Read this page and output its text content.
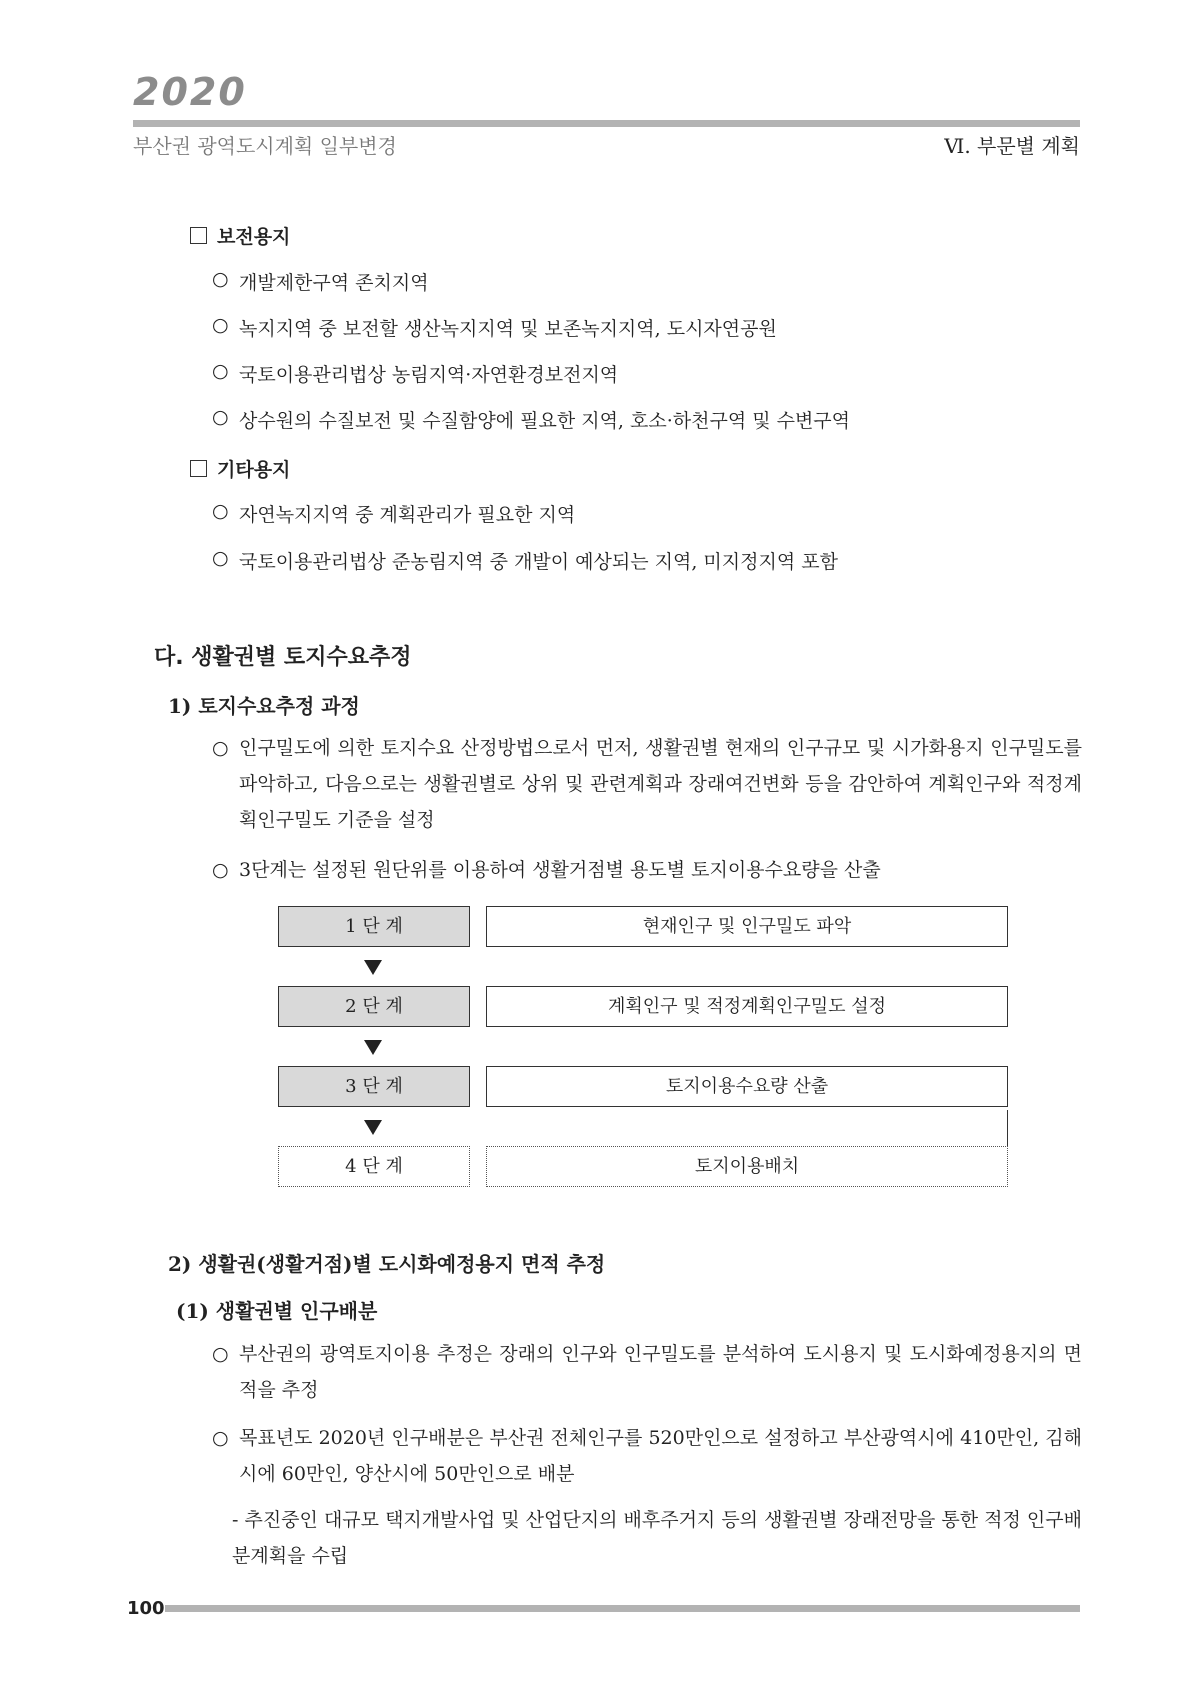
2020
부산권 광역도시계획 일부변경	Ⅵ. 부문별 계획
보전용지
개발제한구역 존치지역
녹지지역 중 보전할 생산녹지지역 및 보존녹지지역, 도시자연공원
국토이용관리법상 농림지역·자연환경보전지역
상수원의 수질보전 및 수질함양에 필요한 지역, 호소·하천구역 및 수변구역
기타용지
자연녹지지역 중 계획관리가 필요한 지역
국토이용관리법상 준농림지역 중 개발이 예상되는 지역, 미지정지역 포함
다. 생활권별 토지수요추정
1) 토지수요추정 과정
○ 인구밀도에 의한 토지수요 산정방법으로서 먼저, 생활권별 현재의 인구규모 및 시가화용지 인구밀도를 파악하고, 다음으로는 생활권별로 상위 및 관련계획과 장래여건변화 등을 감안하여 계획인구와 적정계획인구밀도 기준을 설정
○ 3단계는 설정된 원단위를 이용하여 생활거점별 용도별 토지이용수요량을 산출
1 단 계	현재인구 및 인구밀도 파악
2 단 계	계획인구 및 적정계획인구밀도 설정
3 단 계	토지이용수요량 산출
4 단 계	토지이용배치
2) 생활권(생활거점)별 도시화예정용지 면적 추정
(1) 생활권별 인구배분
○ 부산권의 광역토지이용 추정은 장래의 인구와 인구밀도를 분석하여 도시용지 및 도시화예정용지의 면적을 추정
○ 목표년도 2020년 인구배분은 부산권 전체인구를 520만인으로 설정하고 부산광역시에 410만인, 김해시에 60만인, 양산시에 50만인으로 배분
- 추진중인 대규모 택지개발사업 및 산업단지의 배후주거지 등의 생활권별 장래전망을 통한 적정 인구배분계획을 수립
100
